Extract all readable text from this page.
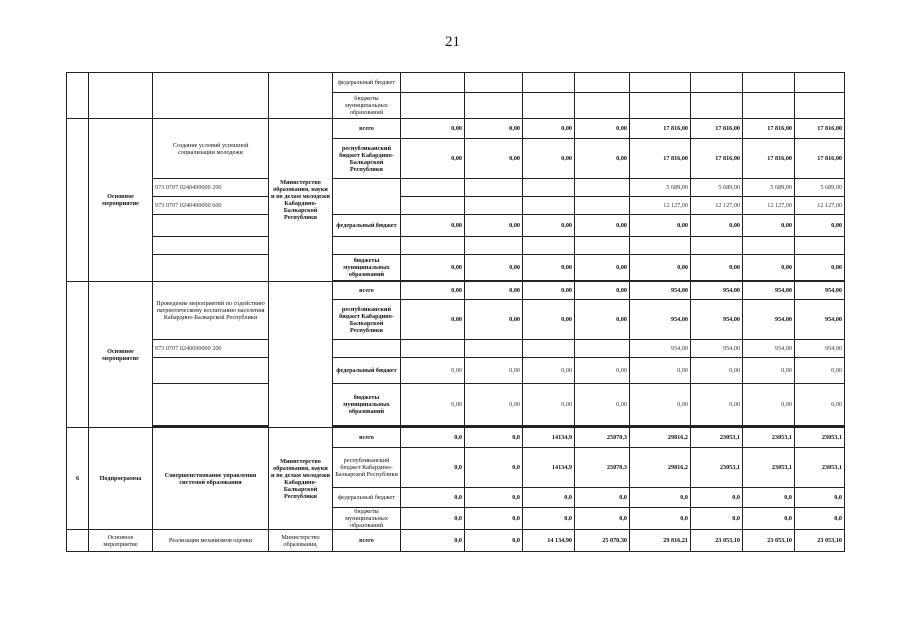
21
				федеральный бюджет								
				бюджеты муниципальных образований								
	Основное мероприятие	Создание условий успешной социализации молодежи	Министерство образования, науки и по делам молодежи Кабардино-Балкарской Республики	всего	0,00	0,00	0,00	0,00	17 816,00	17 816,00	17 816,00	17 816,00
				республиканский бюджет Кабардино-Балкарской Республики	0,00	0,00	0,00	0,00	17 816,00	17 816,00	17 816,00	17 816,00
		973 0707 0240490000 200							5 689,00	5 689,00	5 689,00	5 689,00
		973 0707 0240490000 600							12 127,00	12 127,00	12 127,00	12 127,00
				федеральный бюджет	0,00	0,00	0,00	0,00	0,00	0,00	0,00	0,00

				бюджеты муниципальных образований	0,00	0,00	0,00	0,00	0,00	0,00	0,00	0,00

	Основное мероприятие	Проведение мероприятий по содействию патриотическому воспитанию населения Кабардино-Балкарской Республики		всего	0,00	0,00	0,00	0,00	954,00	954,00	954,00	954,00
				республиканский бюджет Кабардино-Балкарской Республики	0,00	0,00	0,00	0,00	954,00	954,00	954,00	954,00
		973 0707 0240690000 200							954,00	954,00	954,00	954,00
				федеральный бюджет	0,00	0,00	0,00	0,00	0,00	0,00	0,00	0,00
				бюджеты муниципальных образований	0,00	0,00	0,00	0,00	0,00	0,00	0,00	0,00

6	Подпрограмма	Совершенствование управления системой образования	Министерство образования, науки и по делам молодежи Кабардино-Балкарской Республики	всего	0,0	0,0	14134,9	25070,3	29816,2	23053,1	23053,1	23053,1
				республиканский бюджет Кабардино-Балкарской Республики	0,0	0,0	14134,9	25070,3	29816,2	23053,1	23053,1	23053,1
				федеральный бюджет	0,0	0,0	0,0	0,0	0,0	0,0	0,0	0,0
				бюджеты муниципальных образований	0,0	0,0	0,0	0,0	0,0	0,0	0,0	0,0
	Основное мероприятие	Реализация механизмов оценки	Министерство образования,	всего	0,0	0,0	14 134,90	25 070,30	29 816,21	23 053,10	23 053,10	23 053,10
